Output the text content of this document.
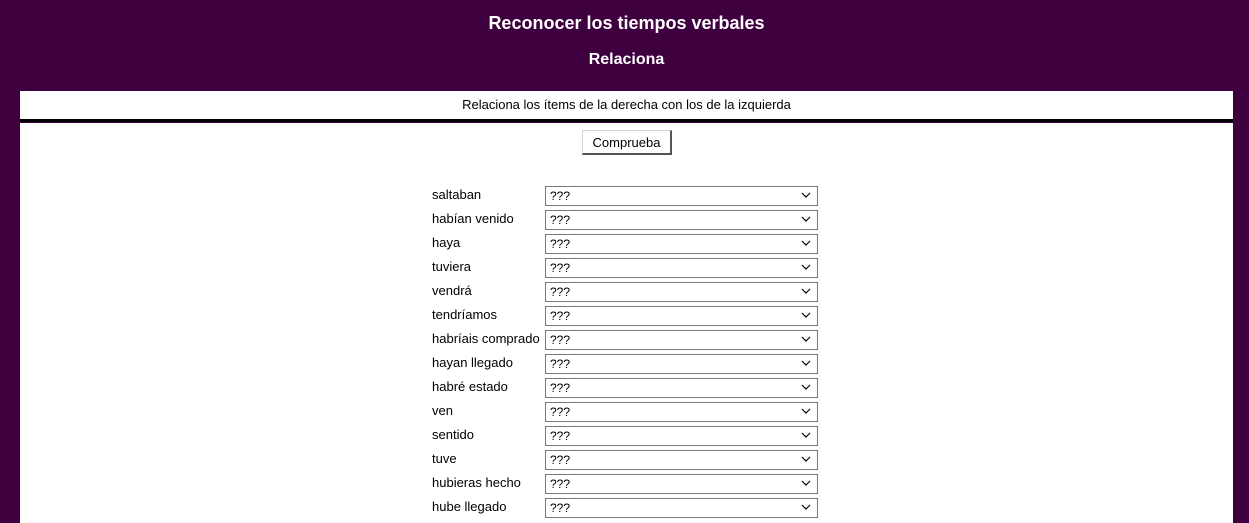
Reconocer los tiempos verbales
Relaciona
Relaciona los ítems de la derecha con los de la izquierda
Comprueba
saltaban	???
habían venido	???
haya	???
tuviera	???
vendrá	???
tendríamos	???
habríais comprado ???
hayan llegado	???
habré estado	???
ven	???
sentido	???
tuve	???
hubieras hecho ???
hube llegado	???
